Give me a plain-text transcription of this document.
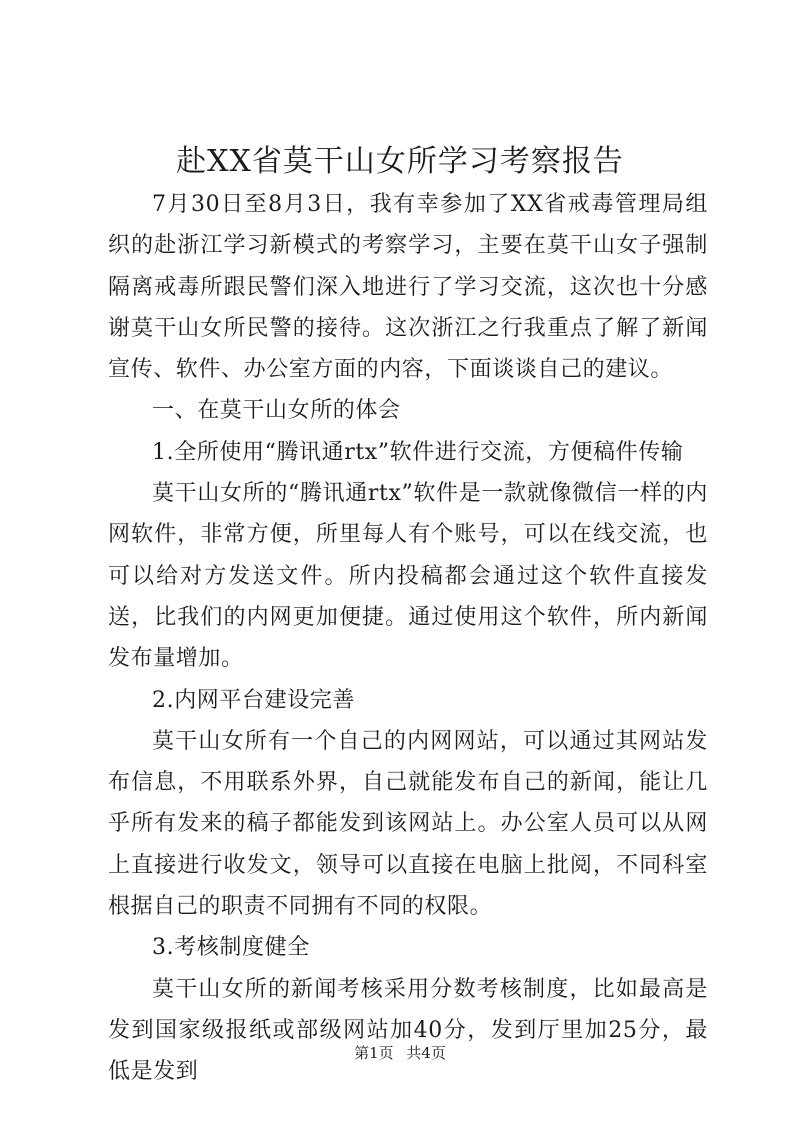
赴XX省莫干山女所学习考察报告

7月30日至8月3日，我有幸参加了XX省戒毒管理局组织的赴浙江学习新模式的考察学习，主要在莫干山女子强制隔离戒毒所跟民警们深入地进行了学习交流，这次也十分感谢莫干山女所民警的接待。这次浙江之行我重点了解了新闻宣传、软件、办公室方面的内容，下面谈谈自己的建议。

一、在莫干山女所的体会

1.全所使用“腾讯通rtx”软件进行交流，方便稿件传输

莫干山女所的“腾讯通rtx”软件是一款就像微信一样的内网软件，非常方便，所里每人有个账号，可以在线交流，也可以给对方发送文件。所内投稿都会通过这个软件直接发送，比我们的内网更加便捷。通过使用这个软件，所内新闻发布量增加。

2.内网平台建设完善

莫干山女所有一个自己的内网网站，可以通过其网站发布信息，不用联系外界，自己就能发布自己的新闻，能让几乎所有发来的稿子都能发到该网站上。办公室人员可以从网上直接进行收发文，领导可以直接在电脑上批阅，不同科室根据自己的职责不同拥有不同的权限。

3.考核制度健全

莫干山女所的新闻考核采用分数考核制度，比如最高是发到国家级报纸或部级网站加40分，发到厅里加25分，最低是发到

第1页 共4页
